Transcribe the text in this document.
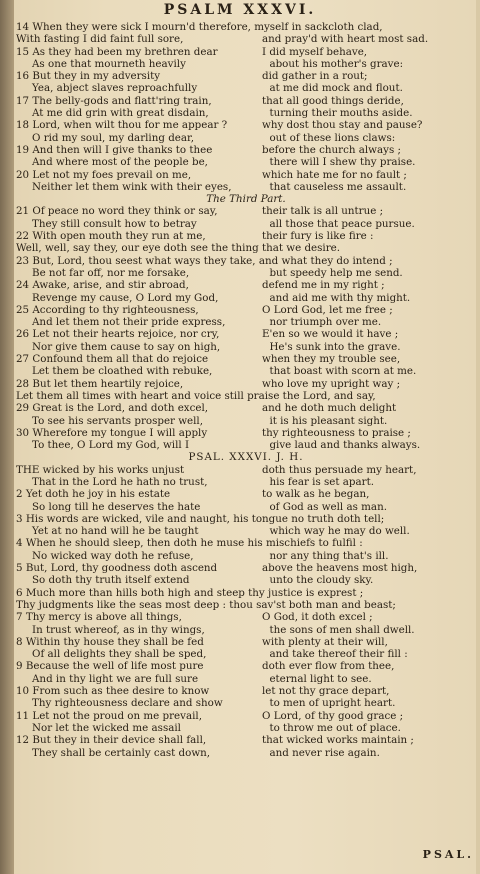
PSALM XXXVI.
14 When they were sick I mourn'd therefore, myself in sackcloth clad,
With fasting I did faint full sore,	and pray'd with heart most sad.
15 As they had been my brethren dear	I did myself behave,
As one that mourneth heavily	about his mother's grave:
16 But they in my adversity	did gather in a rout;
Yea, abject slaves reproachfully	at me did mock and flout.
17 The belly-gods and flatt'ring train,	that all good things deride,
At me did grin with great disdain,	turning their mouths aside.
18 Lord, when wilt thou for me appear ?	why dost thou stay and pause?
O rid my soul, my darling dear,	out of these lions claws:
19 And then will I give thanks to thee	before the church always ;
And where most of the people be,	there will I shew thy praise.
20 Let not my foes prevail on me,	which hate me for no fault ;
Neither let them wink with their eyes,	that causeless me assault.
The Third Part.
21 Of peace no word they think or say,	their talk is all untrue ;
They still consult how to betray	all those that peace pursue.
22 With open mouth they run at me,	their fury is like fire :
Well, well, say they, our eye doth see the thing that we desire.
23 But, Lord, thou seest what ways they take, and what they do intend ;
Be not far off, nor me forsake,	but speedy help me send.
24 Awake, arise, and stir abroad,	defend me in my right ;
Revenge my cause, O Lord my God,	and aid me with thy might.
25 According to thy righteousness,	O Lord God, let me free ;
And let them not their pride express,	nor triumph over me.
26 Let not their hearts rejoice, nor cry,	E'en so we would it have ;
Nor give them cause to say on high,	He's sunk into the grave.
27 Confound them all that do rejoice	when they my trouble see,
Let them be cloathed with rebuke,	that boast with scorn at me.
28 But let them heartily rejoice,	who love my upright way ;
Let them all times with heart and voice still praise the Lord, and say,
29 Great is the Lord, and doth excel,	and he doth much delight
To see his servants prosper well,	it is his pleasant sight.
30 Wherefore my tongue I will apply	thy righteousness to praise ;
To thee, O Lord my God, will I	give laud and thanks always.
PSAL. XXXVI. J. H.
THE wicked by his works unjust	doth thus persuade my heart,
That in the Lord he hath no trust,	his fear is set apart.
2 Yet doth he joy in his estate	to walk as he began,
So long till he deserves the hate	of God as well as man.
3 His words are wicked, vile and naught, his tongue no truth doth tell;
Yet at no hand will he be taught	which way he may do well.
4 When he should sleep, then doth he muse his mischiefs to fulfil :
No wicked way doth he refuse,	nor any thing that's ill.
5 But, Lord, thy goodness doth ascend	above the heavens most high,
So doth thy truth itself extend	unto the cloudy sky.
6 Much more than hills both high and steep thy justice is exprest ;
Thy judgments like the seas most deep : thou sav'st both man and beast;
7 Thy mercy is above all things,	O God, it doth excel ;
In trust whereof, as in thy wings,	the sons of men shall dwell.
8 Within thy house they shall be fed	with plenty at their will,
Of all delights they shall be sped,	and take thereof their fill :
9 Because the well of life most pure	doth ever flow from thee,
And in thy light we are full sure	eternal light to see.
10 From such as thee desire to know	let not thy grace depart,
Thy righteousness declare and show	to men of upright heart.
11 Let not the proud on me prevail,	O Lord, of thy good grace ;
Nor let the wicked me assail	to throw me out of place.
12 But they in their device shall fall,	that wicked works maintain ;
They shall be certainly cast down,	and never rise again.
PSAL.
